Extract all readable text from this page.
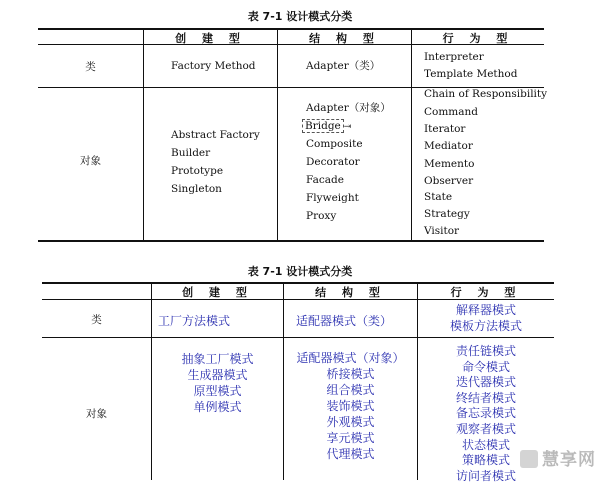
表 7-1 设计模式分类
创 建 型	结 构 型	行 为 型
类	Factory Method	Adapter（类）
Interpreter
Template Method
对象
Abstract Factory
Builder
Prototype
Singleton
Adapter（对象）
Bridge ⇥
Composite
Decorator
Facade
Flyweight
Proxy
Chain of Responsibility
Command
Iterator
Mediator
Memento
Observer
State
Strategy
Visitor
表 7-1 设计模式分类
创 建 型	结 构 型	行 为 型
类	工厂方法模式	适配器模式（类）
解释器模式
模板方法模式
对象
抽象工厂模式
生成器模式
原型模式
单例模式
适配器模式（对象）
桥接模式
组合模式
装饰模式
外观模式
享元模式
代理模式
责任链模式
命令模式
迭代器模式
终结者模式
备忘录模式
观察者模式
状态模式
策略模式
访问者模式
慧享网
